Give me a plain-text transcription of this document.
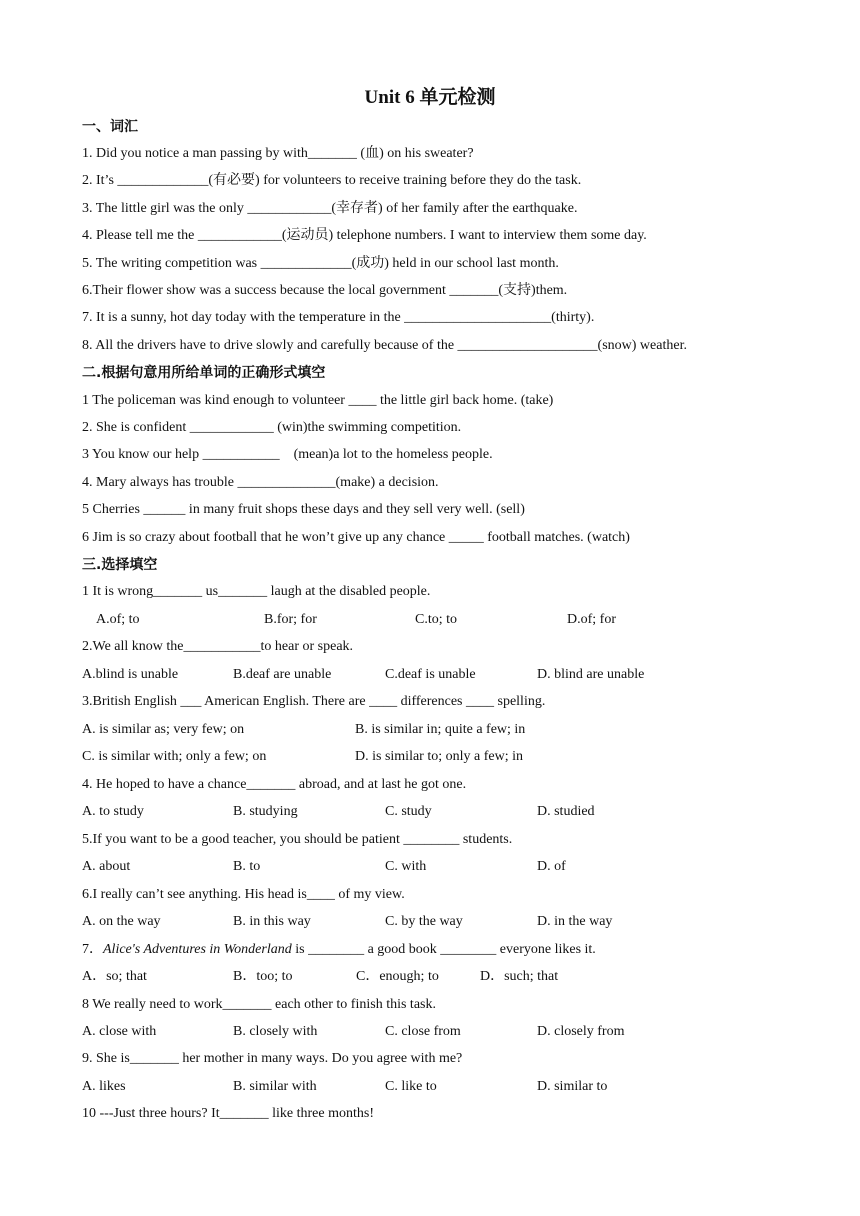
Unit 6 单元检测
一、词汇
1. Did you notice a man passing by with_______ (血) on his sweater?
2. It’s _____________(有必要) for volunteers to receive training before they do the task.
3. The little girl was the only ____________(幸存者) of her family after the earthquake.
4. Please tell me the ____________(运动员) telephone numbers. I want to interview them some day.
5. The writing competition was _____________(成功) held in our school last month.
6.Their flower show was a success because the local government _______(支持)them.
7. It is a sunny, hot day today with the temperature in the _____________________(thirty).
8. All the drivers have to drive slowly and carefully because of the ____________________(snow) weather.
二.根据句意用所给单词的正确形式填空
1 The policeman was kind enough to volunteer ____ the little girl back home. (take)
2. She is confident ____________ (win)the swimming competition.
3 You know our help ___________    (mean)a lot to the homeless people.
4. Mary always has trouble ______________(make) a decision.
5 Cherries ______ in many fruit shops these days and they sell very well. (sell)
6 Jim is so crazy about football that he won’t give up any chance _____ football matches. (watch)
三.选择填空
1 It is wrong_______ us_______ laugh at the disabled people.
A.of; to	B.for; for	C.to; to	D.of; for
2.We all know the___________to hear or speak.
A.blind is unable	B.deaf are unable	C.deaf is unable	D. blind are unable
3.British English ___ American English. There are ____ differences ____ spelling.
A. is similar as; very few; on	B. is similar in; quite a few; in
C. is similar with; only a few; on	D. is similar to; only a few; in
4. He hoped to have a chance_______ abroad, and at last he got one.
A. to study	B. studying	C. study	D. studied
5.If you want to be a good teacher, you should be patient ________ students.
A. about	B. to	C. with	D. of
6.I really can’t see anything. His head is____ of my view.
A. on the way	B. in this way	C. by the way	D. in the way
7．Alice's Adventures in Wonderland is ________ a good book ________ everyone likes it.
A．so; that	B．too; to	C．enough; to	D．such; that
8 We really need to work_______ each other to finish this task.
A. close with	B. closely with	C. close from	D. closely from
9. She is_______ her mother in many ways. Do you agree with me?
A. likes	B. similar with	C. like to	D. similar to
10 ---Just three hours? It_______ like three months!
